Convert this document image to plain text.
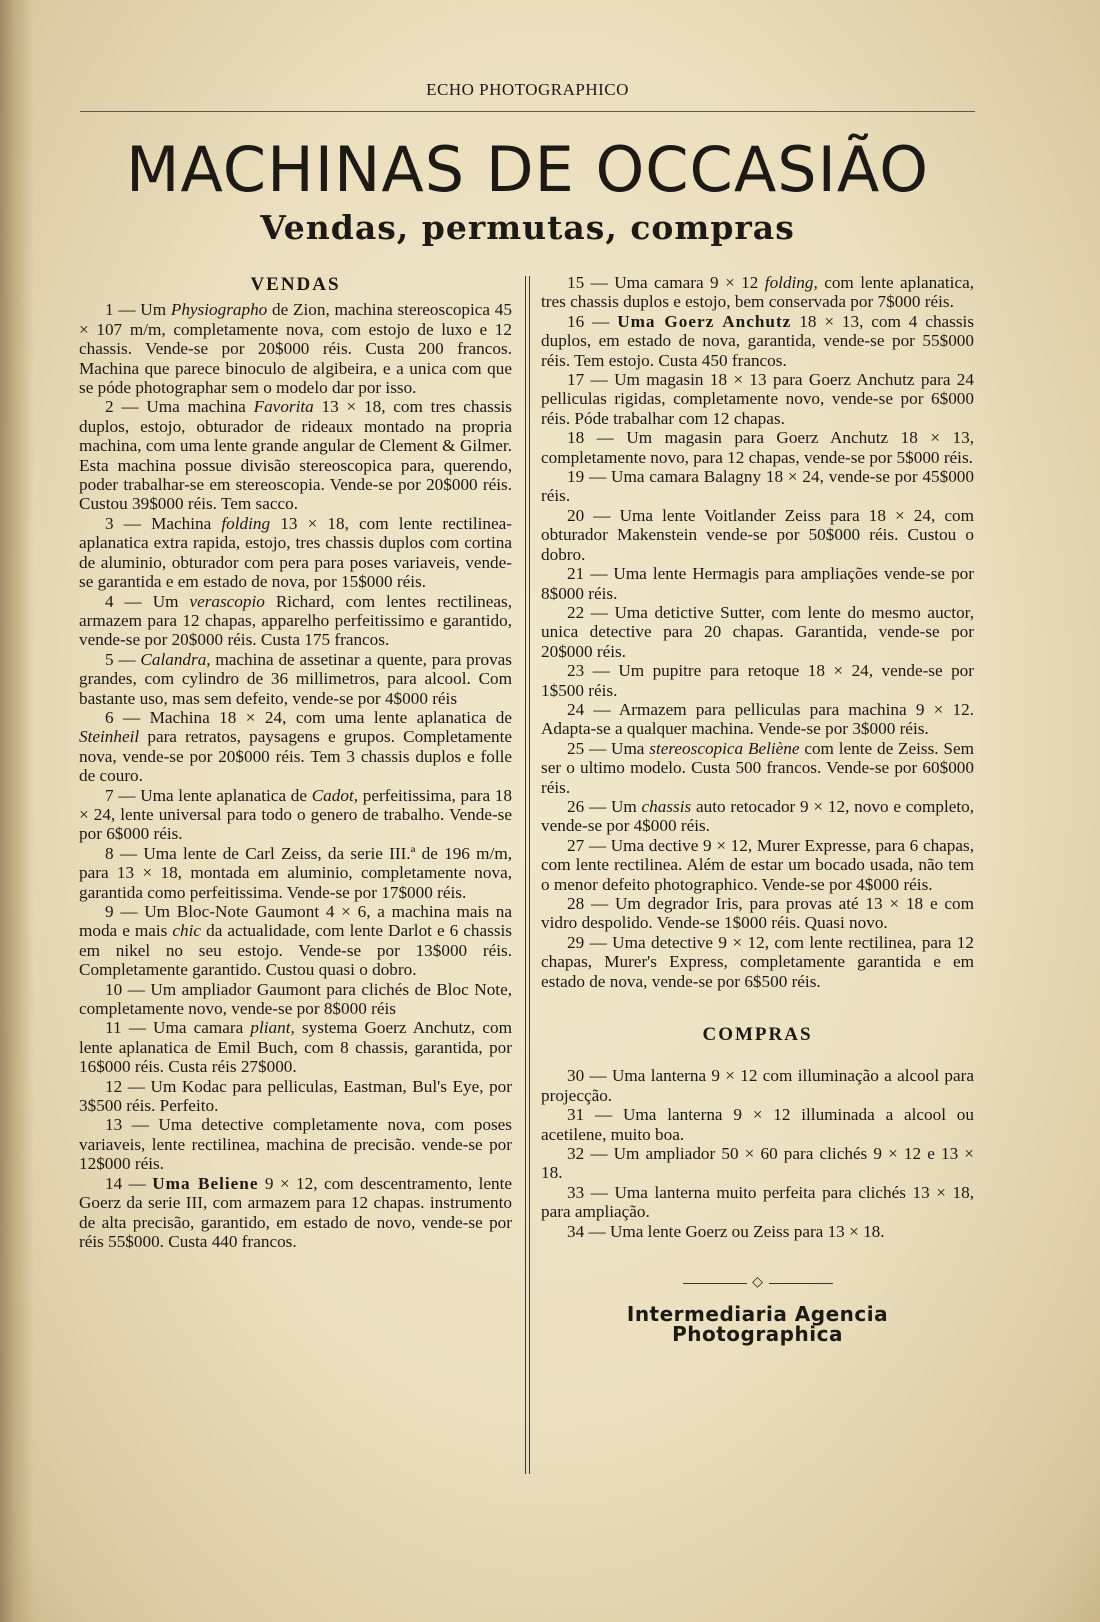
ECHO PHOTOGRAPHICO
MACHINAS DE OCCASIÃO
Vendas, permutas, compras
VENDAS

1 — Um Physiographo de Zion, machina stereoscopica 45 × 107 m/m, completamente nova, com estojo de luxo e 12 chassis. Vende-se por 20$000 réis. Custa 200 francos. Machina que parece binoculo de algibeira, e a unica com que se póde photographar sem o modelo dar por isso.

2 — Uma machina Favorita 13 × 18, com tres chassis duplos, estojo, obturador de rideaux montado na propria machina, com uma lente grande angular de Clement & Gilmer. Esta machina possue divisão stereoscopica para, querendo, poder trabalhar-se em stereoscopia. Vende-se por 20$000 réis. Custou 39$000 réis. Tem sacco.

3 — Machina folding 13 × 18, com lente rectilinea-aplanatica extra rapida, estojo, tres chassis duplos com cortina de aluminio, obturador com pera para poses variaveis, vende-se garantida e em estado de nova, por 15$000 réis.

4 — Um verascopio Richard, com lentes rectilineas, armazem para 12 chapas, apparelho perfeitissimo e garantido, vende-se por 20$000 réis. Custa 175 francos.

5 — Calandra, machina de assetinar a quente, para provas grandes, com cylindro de 36 millimetros, para alcool. Com bastante uso, mas sem defeito, vende-se por 4$000 réis

6 — Machina 18 × 24, com uma lente aplanatica de Steinheil para retratos, paysagens e grupos. Completamente nova, vende-se por 20$000 réis. Tem 3 chassis duplos e folle de couro.

7 — Uma lente aplanatica de Cadot, perfeitissima, para 18 × 24, lente universal para todo o genero de trabalho. Vende-se por 6$000 réis.

8 — Uma lente de Carl Zeiss, da serie III.ª de 196 m/m, para 13 × 18, montada em aluminio, completamente nova, garantida como perfeitissima. Vende-se por 17$000 réis.

9 — Um Bloc-Note Gaumont 4 × 6, a machina mais na moda e mais chic da actualidade, com lente Darlot e 6 chassis em nikel no seu estojo. Vende-se por 13$000 réis. Completamente garantido. Custou quasi o dobro.

10 — Um ampliador Gaumont para clichés de Bloc Note, completamente novo, vende-se por 8$000 réis

11 — Uma camara pliant, systema Goerz Anchutz, com lente aplanatica de Emil Buch, com 8 chassis, garantida, por 16$000 réis. Custa réis 27$000.

12 — Um Kodac para pelliculas, Eastman, Bul's Eye, por 3$500 réis. Perfeito.

13 — Uma detective completamente nova, com poses variaveis, lente rectilinea, machina de precisão. vende-se por 12$000 réis.

14 — Uma Beliene 9 × 12, com descentramento, lente Goerz da serie III, com armazem para 12 chapas. instrumento de alta precisão, garantido, em estado de novo, vende-se por réis 55$000. Custa 440 francos.

15 — Uma camara 9 × 12 folding, com lente aplanatica, tres chassis duplos e estojo, bem conservada por 7$000 réis.

16 — Uma Goerz Anchutz 18 × 13, com 4 chassis duplos, em estado de nova, garantida, vende-se por 55$000 réis. Tem estojo. Custa 450 francos.

17 — Um magasin 18 × 13 para Goerz Anchutz para 24 pelliculas rigidas, completamente novo, vende-se por 6$000 réis. Póde trabalhar com 12 chapas.

18 — Um magasin para Goerz Anchutz 18 × 13, completamente novo, para 12 chapas, vende-se por 5$000 réis.

19 — Uma camara Balagny 18 × 24, vende-se por 45$000 réis.

20 — Uma lente Voitlander Zeiss para 18 × 24, com obturador Makenstein vende-se por 50$000 réis. Custou o dobro.

21 — Uma lente Hermagis para ampliações vende-se por 8$000 réis.

22 — Uma detictive Sutter, com lente do mesmo auctor, unica detective para 20 chapas. Garantida, vende-se por 20$000 réis.

23 — Um pupitre para retoque 18 × 24, vende-se por 1$500 réis.

24 — Armazem para pelliculas para machina 9 × 12. Adapta-se a qualquer machina. Vende-se por 3$000 réis.

25 — Uma stereoscopica Beliène com lente de Zeiss. Sem ser o ultimo modelo. Custa 500 francos. Vende-se por 60$000 réis.

26 — Um chassis auto retocador 9 × 12, novo e completo, vende-se por 4$000 réis.

27 — Uma dective 9 × 12, Murer Expresse, para 6 chapas, com lente rectilinea. Além de estar um bocado usada, não tem o menor defeito photographico. Vende-se por 4$000 réis.

28 — Um degrador Iris, para provas até 13 × 18 e com vidro despolido. Vende-se 1$000 réis. Quasi novo.

29 — Uma detective 9 × 12, com lente rectilinea, para 12 chapas, Murer's Express, completamente garantida e em estado de nova, vende-se por 6$500 réis.

COMPRAS

30 — Uma lanterna 9 × 12 com illuminação a alcool para projecção.

31 — Uma lanterna 9 × 12 illuminada a alcool ou acetilene, muito boa.

32 — Um ampliador 50 × 60 para clichés 9 × 12 e 13 × 18.

33 — Uma lanterna muito perfeita para clichés 13 × 18, para ampliação.

34 — Uma lente Goerz ou Zeiss para 13 × 18.

◇
Intermediaria Agencia Photographica
